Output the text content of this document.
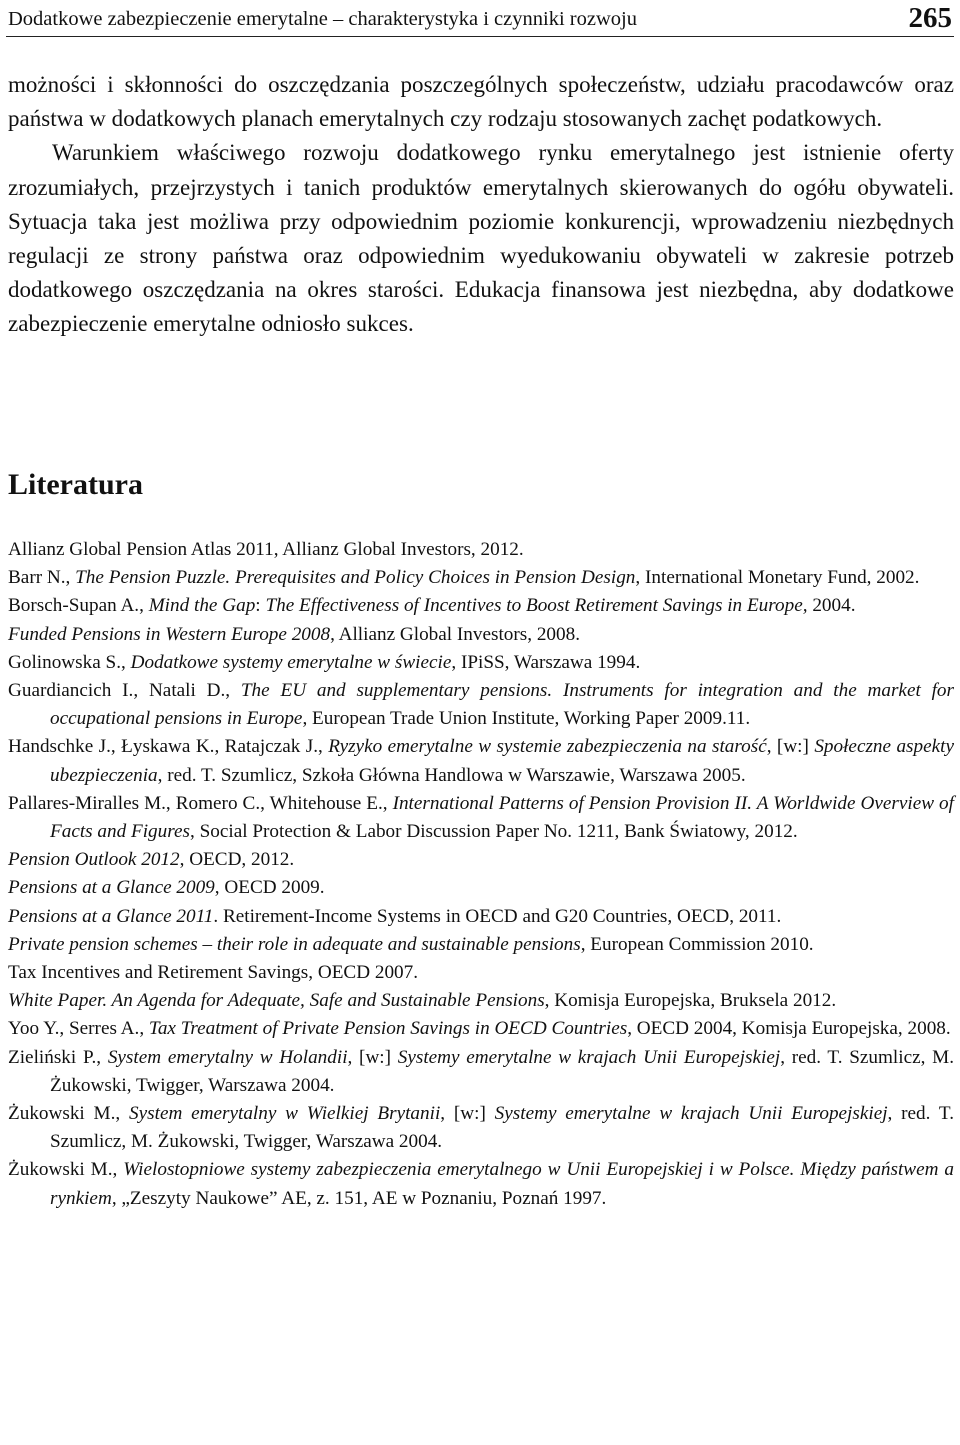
Dodatkowe zabezpieczenie emerytalne – charakterystyka i czynniki rozwoju	265

możności i skłonności do oszczędzania poszczególnych społeczeństw, udziału pracodawców oraz państwa w dodatkowych planach emerytalnych czy rodzaju stosowanych zachęt podatkowych.

Warunkiem właściwego rozwoju dodatkowego rynku emerytalnego jest istnienie oferty zrozumiałych, przejrzystych i tanich produktów emerytalnych skierowanych do ogółu obywateli. Sytuacja taka jest możliwa przy odpowiednim poziomie konkurencji, wprowadzeniu niezbędnych regulacji ze strony państwa oraz odpowiednim wyedukowaniu obywateli w zakresie potrzeb dodatkowego oszczędzania na okres starości. Edukacja finansowa jest niezbędna, aby dodatkowe zabezpieczenie emerytalne odniosło sukces.

Literatura

Allianz Global Pension Atlas 2011, Allianz Global Investors, 2012.

Barr N., The Pension Puzzle. Prerequisites and Policy Choices in Pension Design, International Monetary Fund, 2002.

Borsch-Supan A., Mind the Gap: The Effectiveness of Incentives to Boost Retirement Savings in Europe, 2004.

Funded Pensions in Western Europe 2008, Allianz Global Investors, 2008.

Golinowska S., Dodatkowe systemy emerytalne w świecie, IPiSS, Warszawa 1994.

Guardiancich I., Natali D., The EU and supplementary pensions. Instruments for integration and the market for occupational pensions in Europe, European Trade Union Institute, Working Paper 2009.11.

Handschke J., Łyskawa K., Ratajczak J., Ryzyko emerytalne w systemie zabezpieczenia na starość, [w:] Społeczne aspekty ubezpieczenia, red. T. Szumlicz, Szkoła Główna Handlowa w Warszawie, Warszawa 2005.

Pallares-Miralles M., Romero C., Whitehouse E., International Patterns of Pension Provision II. A Worldwide Overview of Facts and Figures, Social Protection & Labor Discussion Paper No. 1211, Bank Światowy, 2012.

Pension Outlook 2012, OECD, 2012.

Pensions at a Glance 2009, OECD 2009.

Pensions at a Glance 2011. Retirement-Income Systems in OECD and G20 Countries, OECD, 2011.

Private pension schemes – their role in adequate and sustainable pensions, European Commission 2010.

Tax Incentives and Retirement Savings, OECD 2007.

White Paper. An Agenda for Adequate, Safe and Sustainable Pensions, Komisja Europejska, Bruksela 2012.

Yoo Y., Serres A., Tax Treatment of Private Pension Savings in OECD Countries, OECD 2004, Komisja Europejska, 2008.

Zieliński P., System emerytalny w Holandii, [w:] Systemy emerytalne w krajach Unii Europejskiej, red. T. Szumlicz, M. Żukowski, Twigger, Warszawa 2004.

Żukowski M., System emerytalny w Wielkiej Brytanii, [w:] Systemy emerytalne w krajach Unii Europejskiej, red. T. Szumlicz, M. Żukowski, Twigger, Warszawa 2004.

Żukowski M., Wielostopniowe systemy zabezpieczenia emerytalnego w Unii Europejskiej i w Polsce. Między państwem a rynkiem, „Zeszyty Naukowe” AE, z. 151, AE w Poznaniu, Poznań 1997.
